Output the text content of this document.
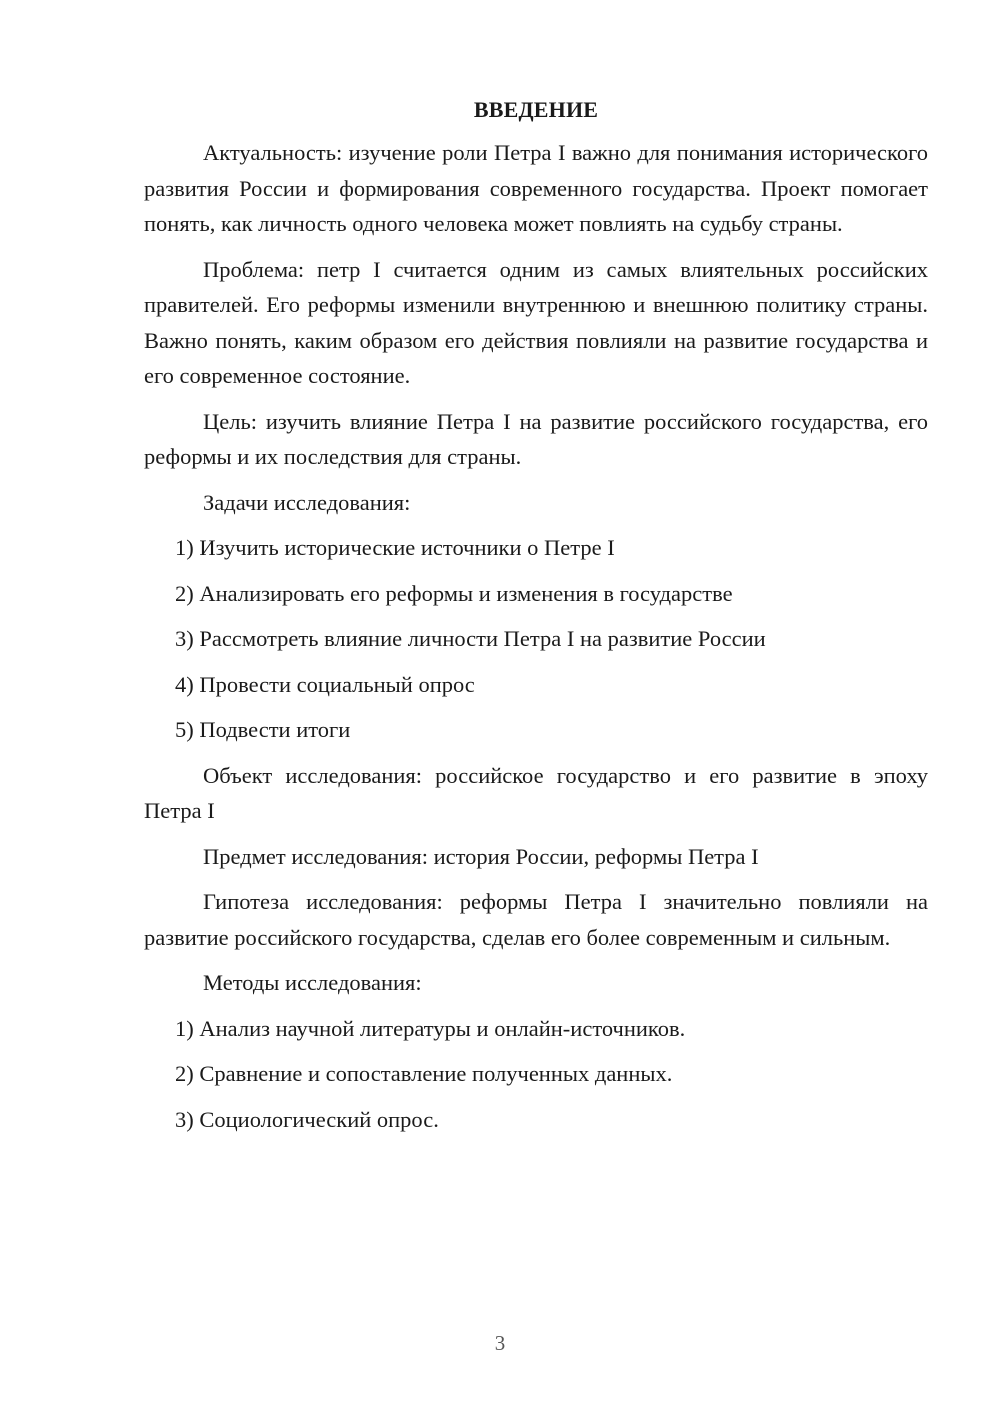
ВВЕДЕНИЕ

Актуальность: изучение роли Петра I важно для понимания исторического развития России и формирования современного государства. Проект помогает понять, как личность одного человека может повлиять на судьбу страны.

Проблема: петр I считается одним из самых влиятельных российских правителей. Его реформы изменили внутреннюю и внешнюю политику страны. Важно понять, каким образом его действия повлияли на развитие государства и его современное состояние.

Цель: изучить влияние Петра I на развитие российского государства, его реформы и их последствия для страны.

Задачи исследования:

1) Изучить исторические источники о Петре I

2) Анализировать его реформы и изменения в государстве

3) Рассмотреть влияние личности Петра I на развитие России

4) Провести социальный опрос

5) Подвести итоги

Объект исследования: российское государство и его развитие в эпоху Петра I

Предмет исследования: история России, реформы Петра I

Гипотеза исследования: реформы Петра I значительно повлияли на развитие российского государства, сделав его более современным и сильным.

Методы исследования:

1) Анализ научной литературы и онлайн-источников.

2) Сравнение и сопоставление полученных данных.

3) Социологический опрос.

3
